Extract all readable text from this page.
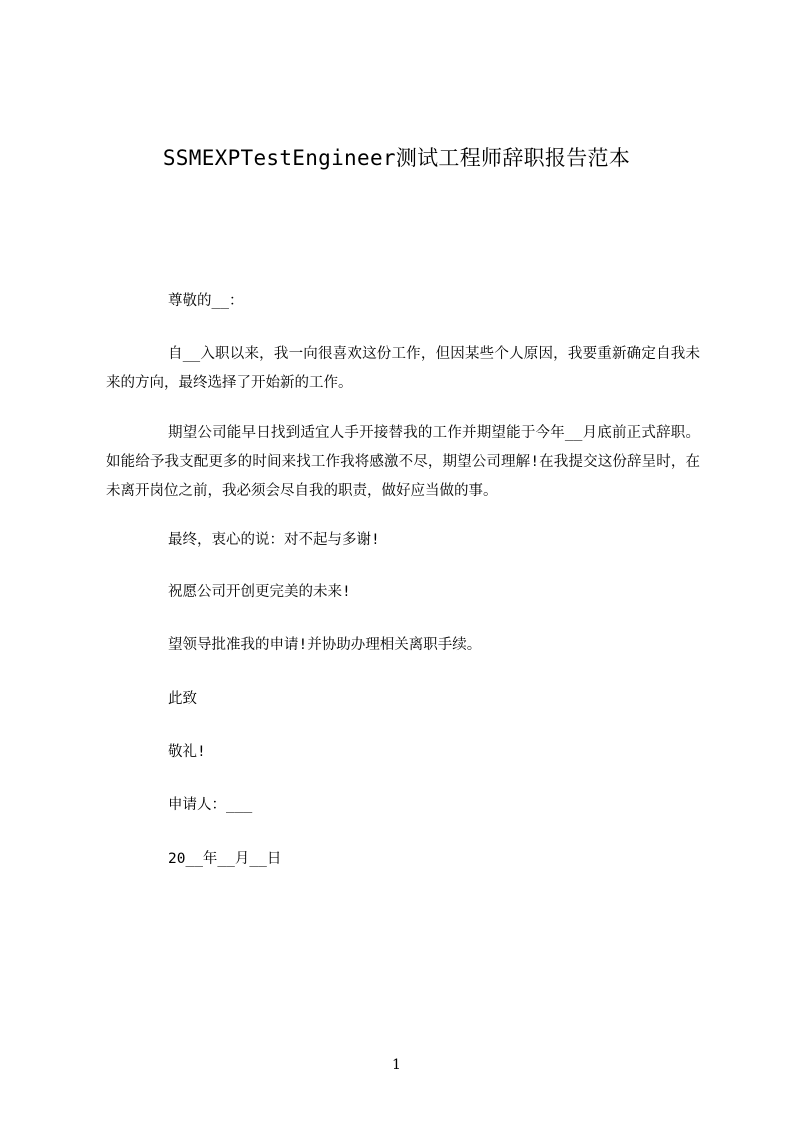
SSMEXPTestEngineer测试工程师辞职报告范本
尊敬的__：
自__入职以来，我一向很喜欢这份工作，但因某些个人原因，我要重新确定自我未来的方向，最终选择了开始新的工作。
期望公司能早日找到适宜人手开接替我的工作并期望能于今年__月底前正式辞职。如能给予我支配更多的时间来找工作我将感激不尽，期望公司理解!在我提交这份辞呈时，在未离开岗位之前，我必须会尽自我的职责，做好应当做的事。
最终，衷心的说：对不起与多谢!
祝愿公司开创更完美的未来!
望领导批准我的申请!并协助办理相关离职手续。
此致
敬礼!
申请人：___
20__年__月__日
1
